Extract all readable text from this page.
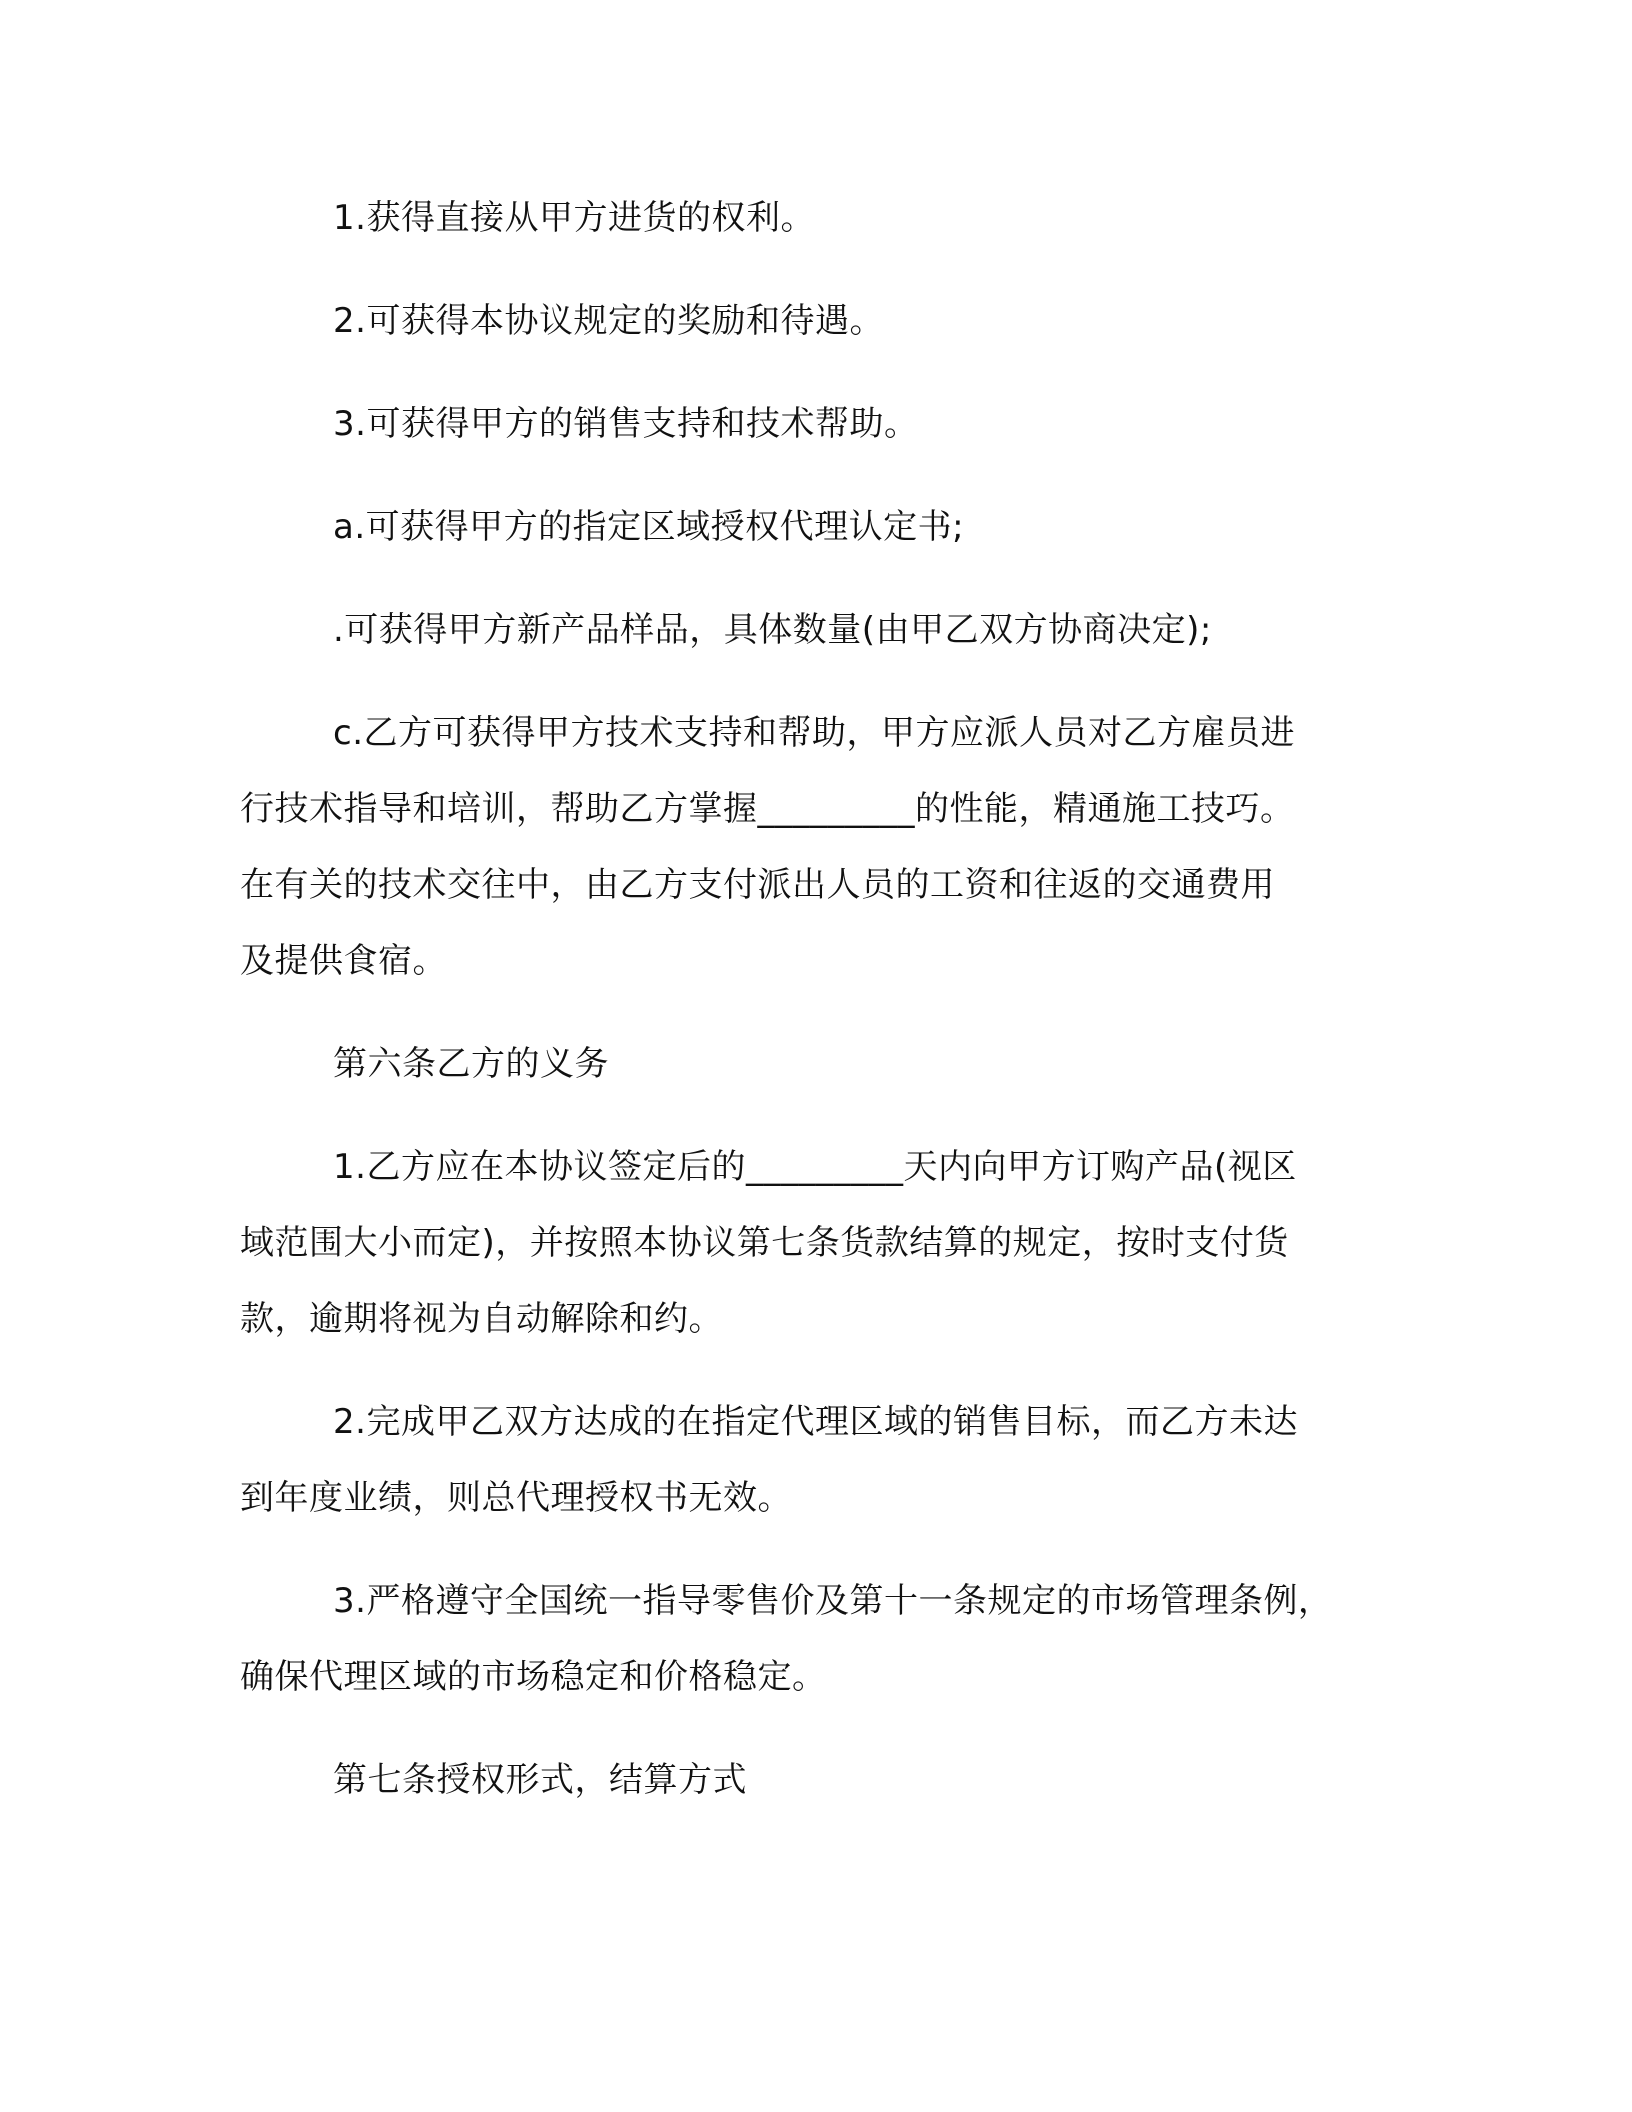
1.获得直接从甲方进货的权利。
2.可获得本协议规定的奖励和待遇。
3.可获得甲方的销售支持和技术帮助。
a.可获得甲方的指定区域授权代理认定书;
.可获得甲方新产品样品，具体数量(由甲乙双方协商决定);
c.乙方可获得甲方技术支持和帮助，甲方应派人员对乙方雇员进
行技术指导和培训，帮助乙方掌握_________的性能，精通施工技巧。
在有关的技术交往中，由乙方支付派出人员的工资和往返的交通费用
及提供食宿。
第六条乙方的义务
1.乙方应在本协议签定后的_________天内向甲方订购产品(视区
域范围大小而定)，并按照本协议第七条货款结算的规定，按时支付货
款，逾期将视为自动解除和约。
2.完成甲乙双方达成的在指定代理区域的销售目标，而乙方未达
到年度业绩，则总代理授权书无效。
3.严格遵守全国统一指导零售价及第十一条规定的市场管理条例，
确保代理区域的市场稳定和价格稳定。
第七条授权形式，结算方式
